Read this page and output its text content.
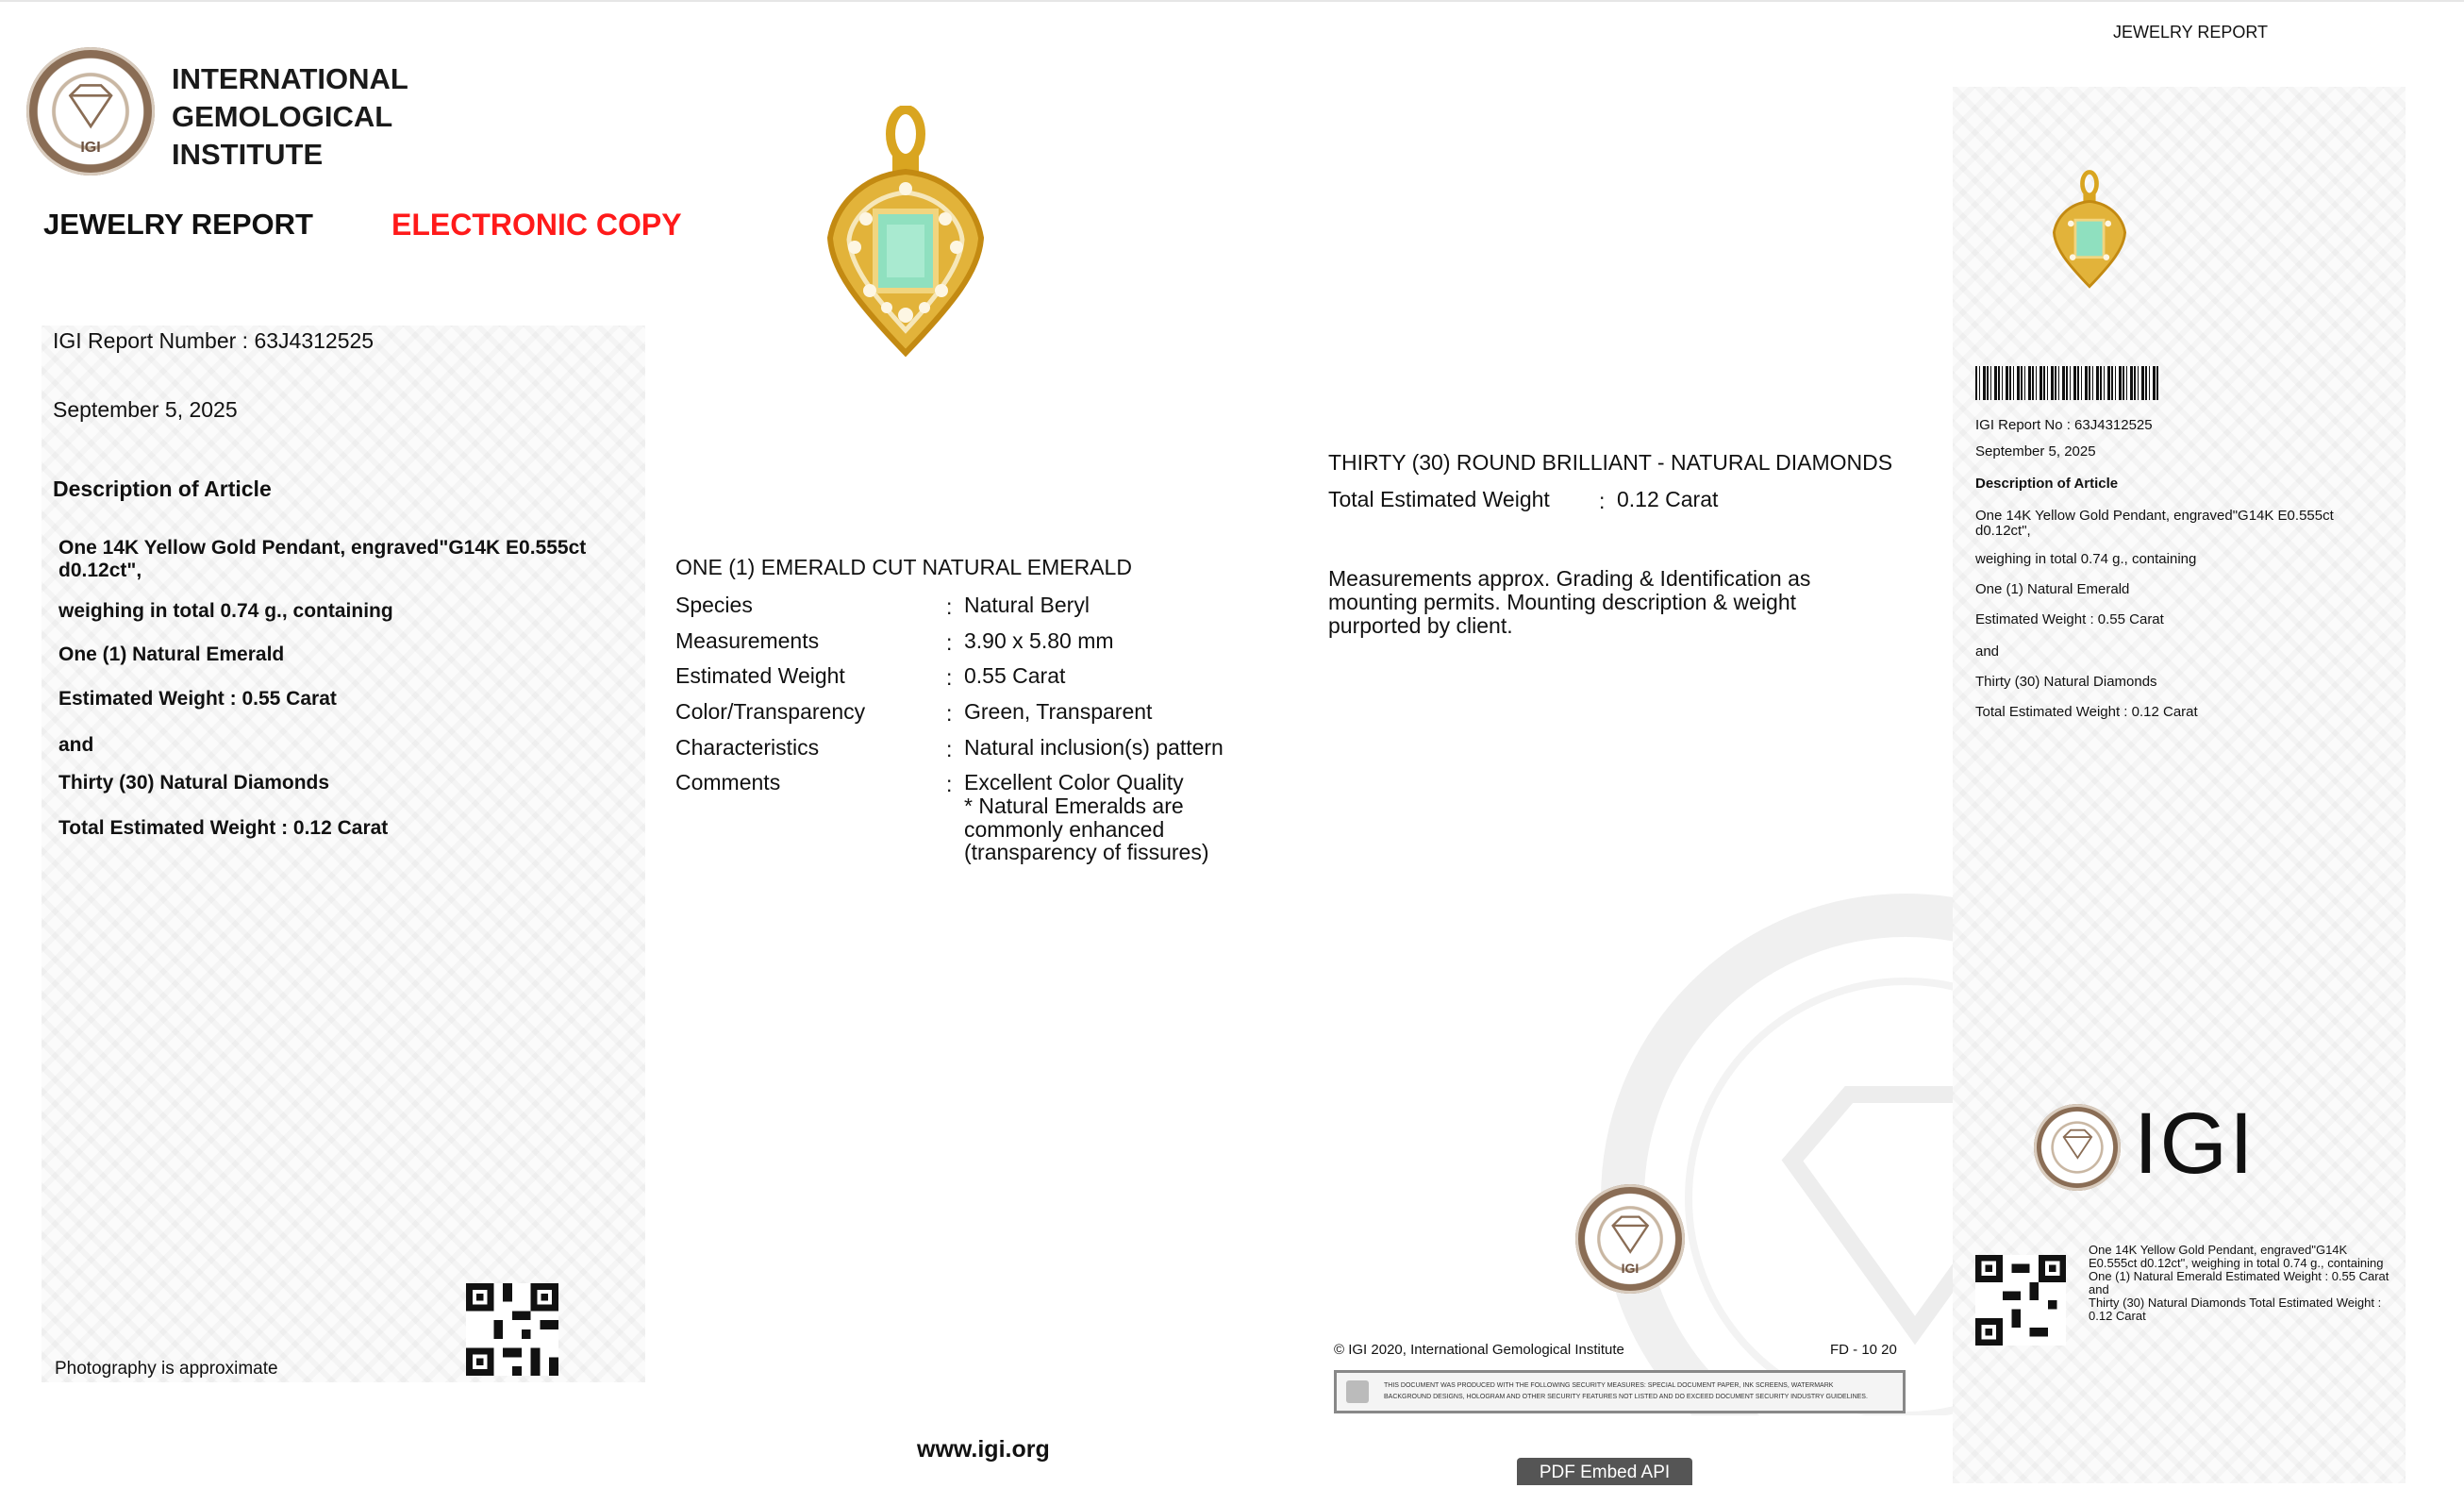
JEWELRY REPORT
IGI
INTERNATIONAL
GEMOLOGICAL
INSTITUTE
JEWELRY REPORT	ELECTRONIC COPY
IGI Report Number : 63J4312525
September 5, 2025
Description of Article
One 14K Yellow Gold Pendant, engraved"G14K E0.555ct
d0.12ct",
weighing in total 0.74 g., containing
One (1) Natural Emerald
Estimated Weight : 0.55 Carat
and
Thirty (30) Natural Diamonds
Total Estimated Weight : 0.12 Carat
Photography is approximate
www.igi.org
ONE (1) EMERALD CUT NATURAL EMERALD
Species	: Natural Beryl
Measurements	: 3.90 x 5.80 mm
Estimated Weight	: 0.55 Carat
Color/Transparency	: Green, Transparent
Characteristics	: Natural inclusion(s) pattern
Comments	: Excellent Color Quality
* Natural Emeralds are
commonly enhanced
(transparency of fissures)
THIRTY (30) ROUND BRILLIANT - NATURAL DIAMONDS
Total Estimated Weight : 0.12 Carat
Measurements approx. Grading & Identification as
mounting permits. Mounting description & weight
purported by client.
IGI
© IGI 2020, International Gemological Institute	FD - 10 20
THIS DOCUMENT WAS PRODUCED WITH THE FOLLOWING SECURITY MEASURES: SPECIAL DOCUMENT PAPER, INK SCREENS, WATERMARK
BACKGROUND DESIGNS, HOLOGRAM AND OTHER SECURITY FEATURES NOT LISTED AND DO EXCEED DOCUMENT SECURITY INDUSTRY GUIDELINES.
PDF Embed API
IGI Report No : 63J4312525
September 5, 2025
Description of Article
One 14K Yellow Gold Pendant, engraved"G14K E0.555ct
d0.12ct",
weighing in total 0.74 g., containing
One (1) Natural Emerald
Estimated Weight : 0.55 Carat
and
Thirty (30) Natural Diamonds
Total Estimated Weight : 0.12 Carat
IGI
One 14K Yellow Gold Pendant, engraved"G14K
E0.555ct d0.12ct", weighing in total 0.74 g., containing
One (1) Natural Emerald Estimated Weight : 0.55 Carat
and
Thirty (30) Natural Diamonds Total Estimated Weight :
0.12 Carat
